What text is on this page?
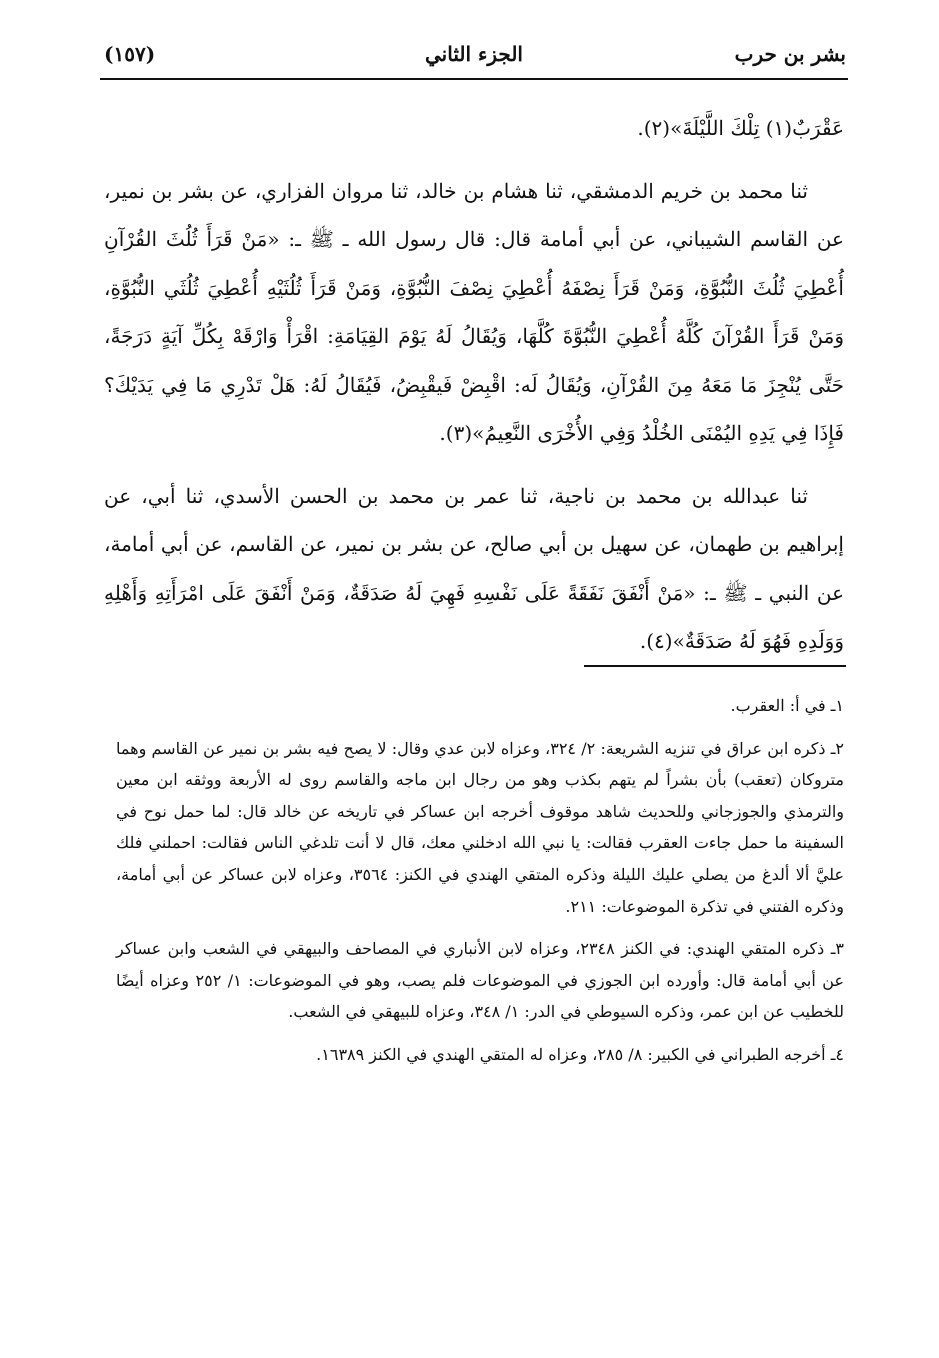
(١٥٧)	الجزء الثاني	بشر بن حرب

عَقْرَبٌ(١) تِلْكَ اللَّيْلَةَ»(٢).

ثنا محمد بن خريم الدمشقي، ثنا هشام بن خالد، ثنا مروان الفزاري، عن بشر بن نمير، عن القاسم الشيباني، عن أبي أمامة قال: قال رسول الله ـ ﷺ ـ: «مَنْ قَرَأَ ثُلُثَ القُرْآنِ أُعْطِيَ ثُلُثَ النُّبُوَّةِ، وَمَنْ قَرَأَ نِصْفَهُ أُعْطِيَ نِصْفَ النُّبُوَّةِ، وَمَنْ قَرَأَ ثُلُثَيْهِ أُعْطِيَ ثُلُثَي النُّبُوَّةِ، وَمَنْ قَرَأَ القُرْآنَ كُلَّهُ أُعْطِيَ النُّبُوَّةَ كُلَّهَا، وَيُقَالُ لَهُ يَوْمَ القِيَامَةِ: اقْرَأْ وَارْقَهْ بِكُلِّ آيَةٍ دَرَجَةً، حَتَّى يُنْجِزَ مَا مَعَهُ مِنَ القُرْآنِ، وَيُقَالُ لَه: اقْبِضْ فَيقْبِضُ، فَيُقَالُ لَهُ: هَلْ تَدْرِي مَا فِي يَدَيْكَ؟ فَإِذَا فِي يَدِهِ اليُمْنَى الخُلْدُ وَفِي الأُخْرَى النَّعِيمُ»(٣).

ثنا عبدالله بن محمد بن ناجية، ثنا عمر بن محمد بن الحسن الأسدي، ثنا أبي، عن إبراهيم بن طهمان، عن سهيل بن أبي صالح، عن بشر بن نمير، عن القاسم، عن أبي أمامة، عن النبي ـ ﷺ ـ: «مَنْ أَنْفَقَ نَفَقَةً عَلَى نَفْسِهِ فَهِيَ لَهُ صَدَقَةٌ، وَمَنْ أَنْفَقَ عَلَى امْرَأَتِهِ وَأَهْلِهِ وَوَلَدِهِ فَهُوَ لَهُ صَدَقَةٌ»(٤).

١ـ في أ: العقرب.

٢ـ ذكره ابن عراق في تنزيه الشريعة: ٢/ ٣٢٤، وعزاه لابن عدي وقال: لا يصح فيه بشر بن نمير عن القاسم وهما متروكان (تعقب) بأن بشراً لم يتهم بكذب وهو من رجال ابن ماجه والقاسم روى له الأربعة ووثقه ابن معين والترمذي والجوزجاني وللحديث شاهد موقوف أخرجه ابن عساكر في تاريخه عن خالد قال: لما حمل نوح في السفينة ما حمل جاءت العقرب فقالت: يا نبي الله ادخلني معك، قال لا أنت تلدغي الناس فقالت: احملني فلك عليَّ ألا ألدغ من يصلي عليك الليلة وذكره المتقي الهندي في الكنز: ٣٥٦٤، وعزاه لابن عساكر عن أبي أمامة، وذكره الفتني في تذكرة الموضوعات: ٢١١.

٣ـ ذكره المتقي الهندي: في الكنز ٢٣٤٨، وعزاه لابن الأنباري في المصاحف والبيهقي في الشعب وابن عساكر عن أبي أمامة قال: وأورده ابن الجوزي في الموضوعات فلم يصب، وهو في الموضوعات: ١/ ٢٥٢ وعزاه أيضًا للخطيب عن ابن عمر، وذكره السيوطي في الدر: ١/ ٣٤٨، وعزاه للبيهقي في الشعب.

٤ـ أخرجه الطبراني في الكبير: ٨/ ٢٨٥، وعزاه له المتقي الهندي في الكنز ١٦٣٨٩.
